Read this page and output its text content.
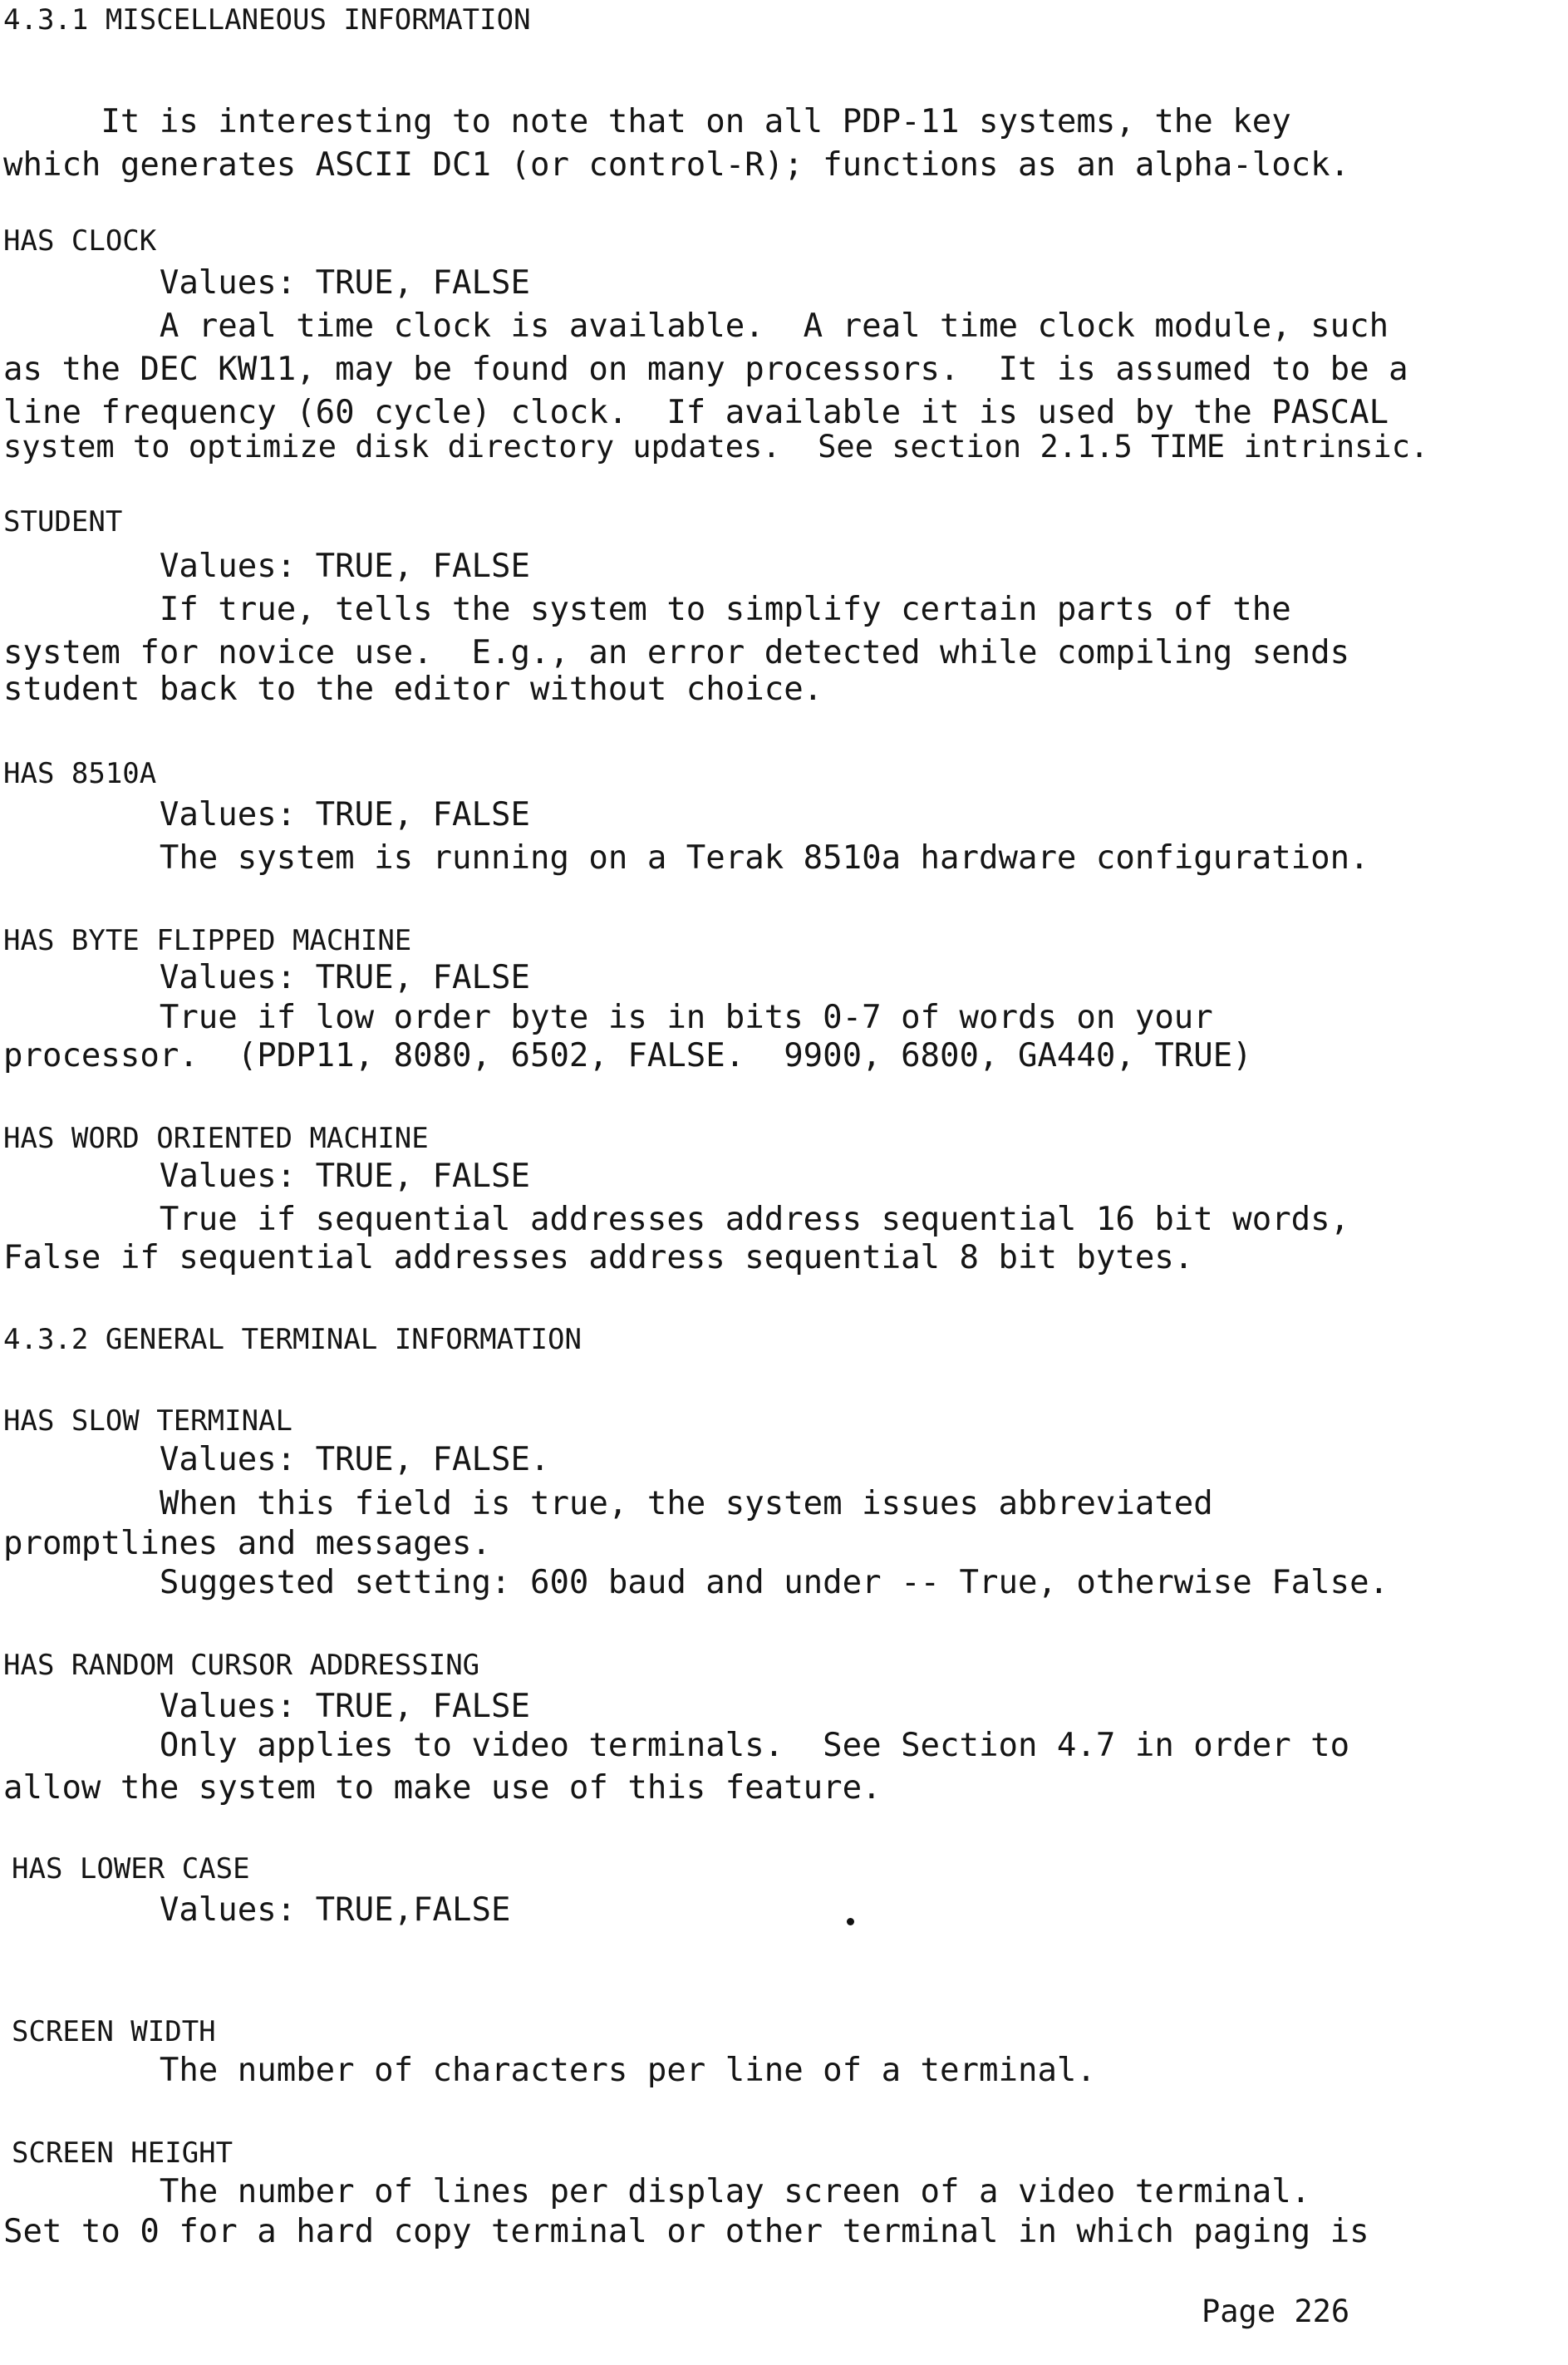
4.3.1 MISCELLANEOUS INFORMATION
It is interesting to note that on all PDP-11 systems, the key
which generates ASCII DC1 (or control-R); functions as an alpha-lock.
HAS CLOCK
Values: TRUE, FALSE
A real time clock is available.  A real time clock module, such
as the DEC KW11, may be found on many processors.  It is assumed to be a
line frequency (60 cycle) clock.  If available it is used by the PASCAL
system to optimize disk directory updates.  See section 2.1.5 TIME intrinsic.
STUDENT
Values: TRUE, FALSE
If true, tells the system to simplify certain parts of the
system for novice use.  E.g., an error detected while compiling sends
student back to the editor without choice.
HAS 8510A
Values: TRUE, FALSE
The system is running on a Terak 8510a hardware configuration.
HAS BYTE FLIPPED MACHINE
Values: TRUE, FALSE
True if low order byte is in bits 0-7 of words on your
processor.  (PDP11, 8080, 6502, FALSE.  9900, 6800, GA440, TRUE)
HAS WORD ORIENTED MACHINE
Values: TRUE, FALSE
True if sequential addresses address sequential 16 bit words,
False if sequential addresses address sequential 8 bit bytes.
4.3.2 GENERAL TERMINAL INFORMATION
HAS SLOW TERMINAL
Values: TRUE, FALSE.
When this field is true, the system issues abbreviated
promptlines and messages.
Suggested setting: 600 baud and under -- True, otherwise False.
HAS RANDOM CURSOR ADDRESSING
Values: TRUE, FALSE
Only applies to video terminals.  See Section 4.7 in order to
allow the system to make use of this feature.
HAS LOWER CASE
Values: TRUE,FALSE
SCREEN WIDTH
The number of characters per line of a terminal.
SCREEN HEIGHT
The number of lines per display screen of a video terminal.
Set to 0 for a hard copy terminal or other terminal in which paging is
Page 226
